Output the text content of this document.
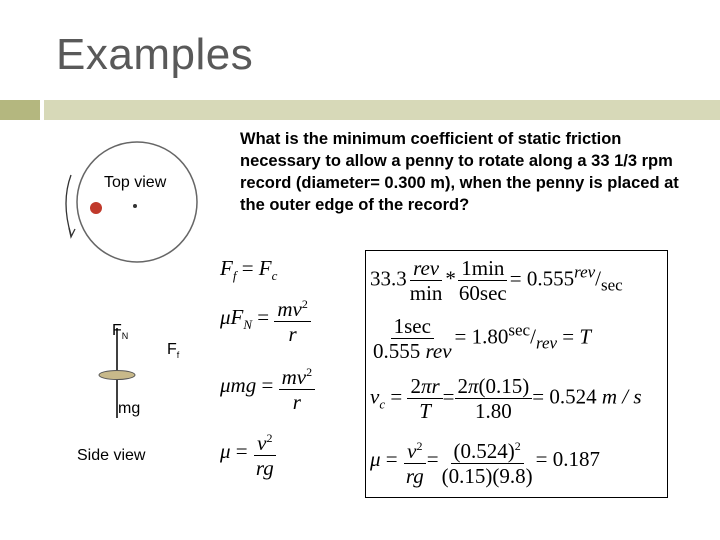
Examples
What is the minimum coefficient of static friction necessary to allow a penny to rotate along a 33 1/3 rpm record (diameter= 0.300 m), when the penny is placed at the outer edge of the record?
Top view
$F_N$
$F_f$
mg
Side view
$F_f = F_c$
$\mu F_N = \frac{mv^2}{r}$
$\mu mg = \frac{mv^2}{r}$
$\mu = \frac{v^2}{rg}$
$33.3 \frac{\text{rev}}{\min} * \frac{1\min}{60\sec} = 0.555^{rev}/_{sec}$
$\frac{1\sec}{\text{0.555 rev}} = 1.80^{sec}/_{rev} = T$
$v_c = \frac{2\pi r}{T} = \frac{2\pi(0.15)}{1.80} = 0.524$ m / s
$\mu = \frac{v^2}{rg} = \frac{(0.524)^2}{(0.15)(9.8)} = 0.187$
